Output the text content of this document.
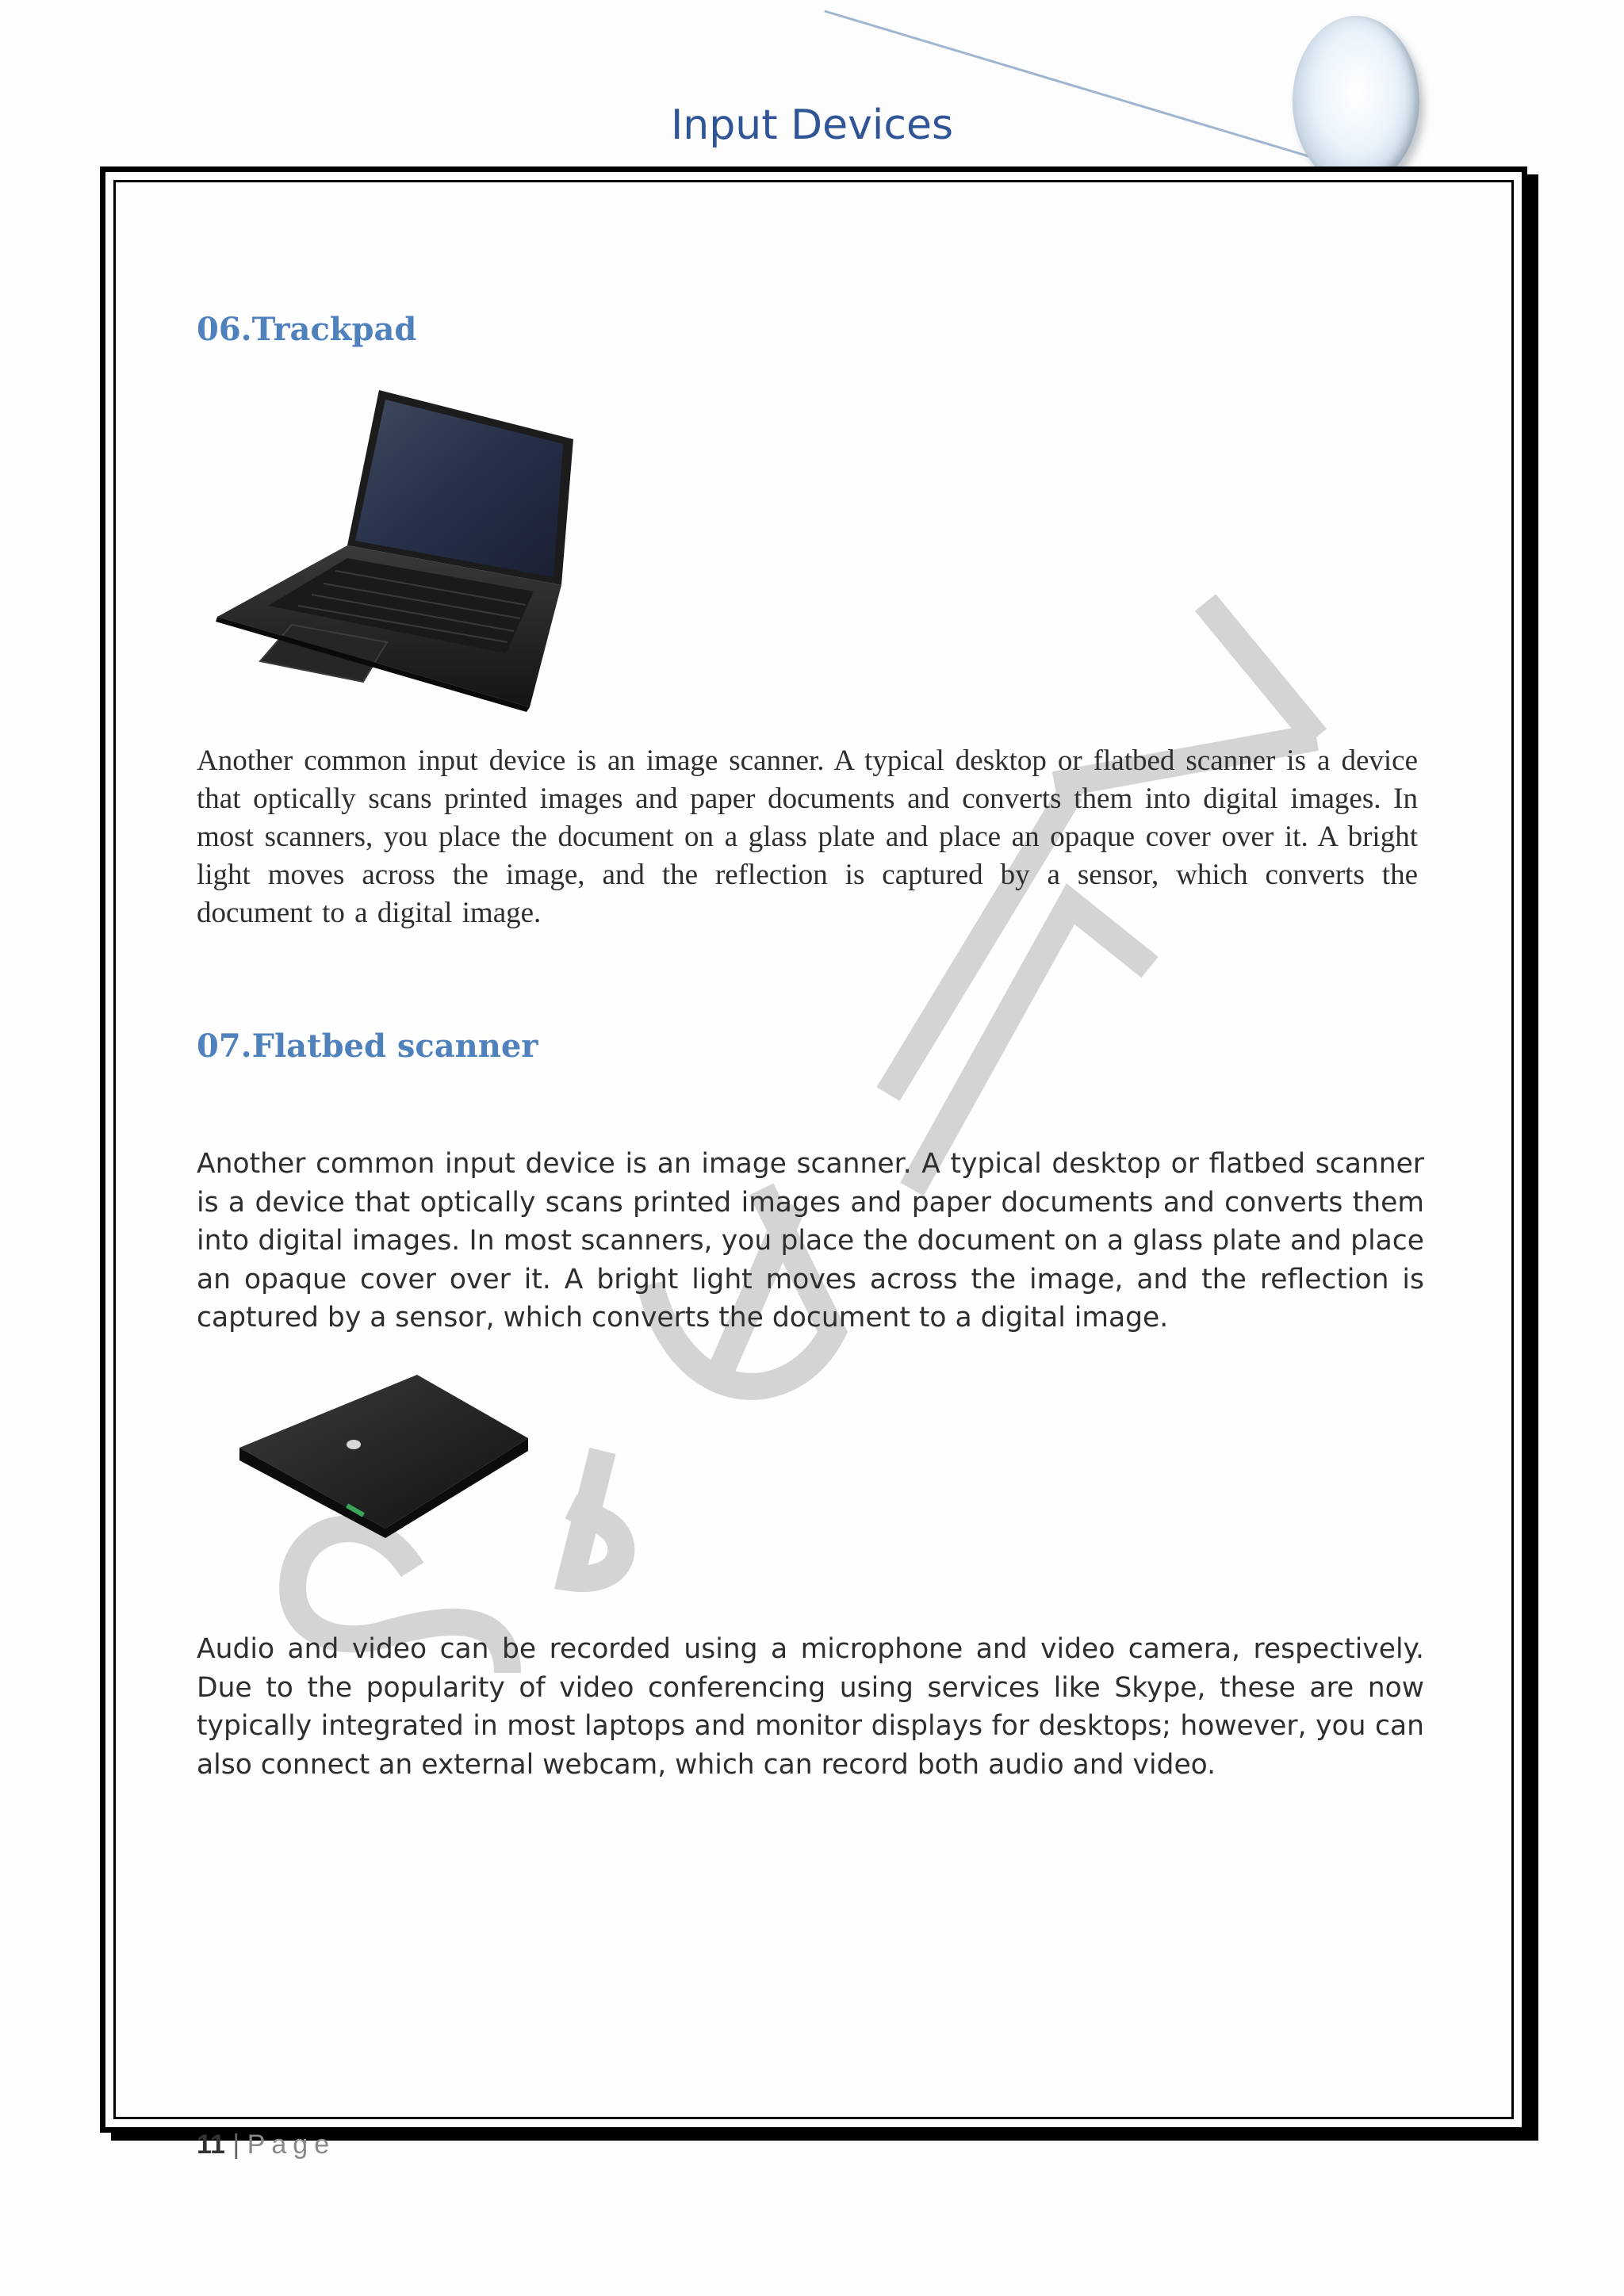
Input Devices
06.Trackpad
Another common input device is an image scanner. A typical desktop or flatbed scanner is a device that optically scans printed images and paper documents and converts them into digital images. In most scanners, you place the document on a glass plate and place an opaque cover over it. A bright light moves across the image, and the reflection is captured by a sensor, which converts the document to a digital image.
07.Flatbed scanner
Another common input device is an image scanner. A typical desktop or flatbed scanner is a device that optically scans printed images and paper documents and converts them into digital images. In most scanners, you place the document on a glass plate and place an opaque cover over it. A bright light moves across the image, and the reflection is captured by a sensor, which converts the document to a digital image.
Audio and video can be recorded using a microphone and video camera, respectively. Due to the popularity of video conferencing using services like Skype, these are now typically integrated in most laptops and monitor displays for desktops; however, you can also connect an external webcam, which can record both audio and video.
11 | Page
